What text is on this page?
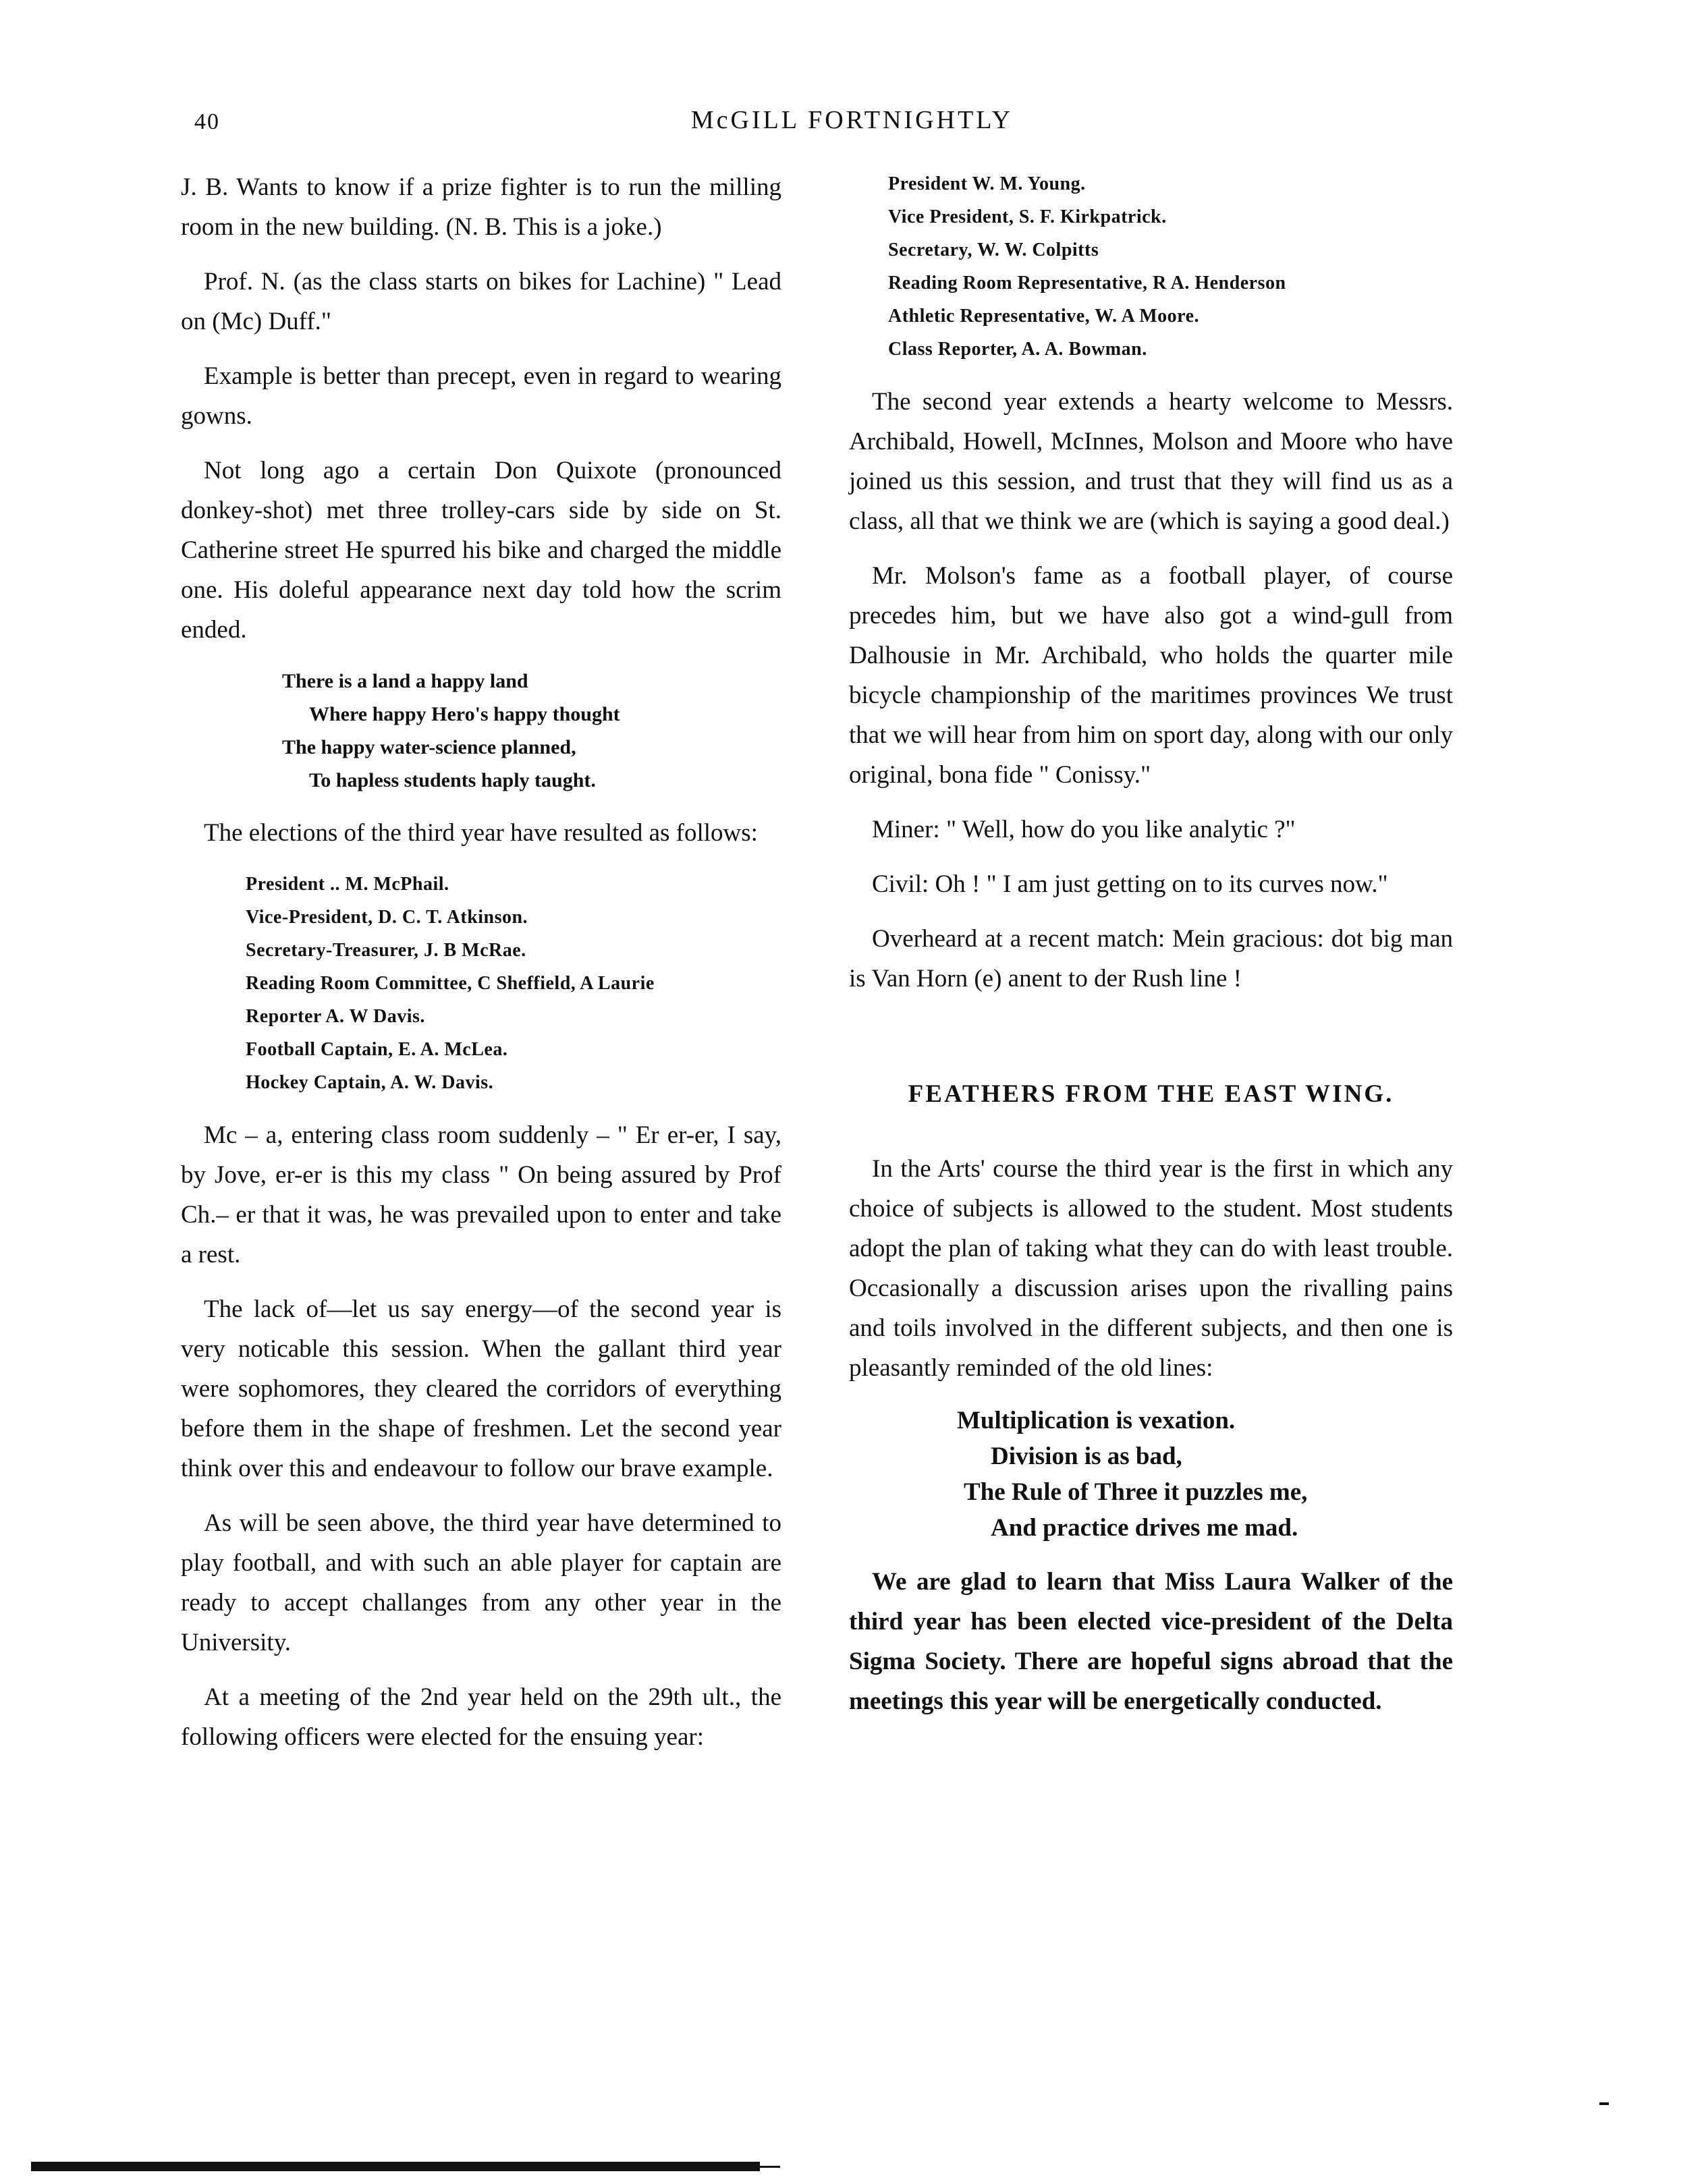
40	McGILL FORTNIGHTLY

J. B. Wants to know if a prize fighter is to run the milling room in the new building. (N. B. This is a joke.)

Prof. N. (as the class starts on bikes for Lachine) " Lead on (Mc) Duff."

Example is better than precept, even in regard to wearing gowns.

Not long ago a certain Don Quixote (pronounced donkey-shot) met three trolley-cars side by side on St. Catherine street He spurred his bike and charged the middle one. His doleful appearance next day told how the scrim ended.

There is a land a happy land
Where happy Hero's happy thought
The happy water-science planned,
To hapless students haply taught.

The elections of the third year have resulted as follows:

President .. M. McPhail.
Vice-President, D. C. T. Atkinson.
Secretary-Treasurer, J. B McRae.
Reading Room Committee, C Sheffield, A Laurie
Reporter A. W Davis.
Football Captain, E. A. McLea.
Hockey Captain, A. W. Davis.

Mc – a, entering class room suddenly – " Er er-er, I say, by Jove, er-er is this my class " On being assured by Prof Ch.– er that it was, he was prevailed upon to enter and take a rest.

The lack of—let us say energy—of the second year is very noticable this session. When the gallant third year were sophomores, they cleared the corridors of everything before them in the shape of freshmen. Let the second year think over this and endeavour to follow our brave example.

As will be seen above, the third year have determined to play football, and with such an able player for captain are ready to accept challanges from any other year in the University.

At a meeting of the 2nd year held on the 29th ult., the following officers were elected for the ensuing year:

President W. M. Young.
Vice President, S. F. Kirkpatrick.
Secretary, W. W. Colpitts
Reading Room Representative, R A. Henderson
Athletic Representative, W. A Moore.
Class Reporter, A. A. Bowman.

The second year extends a hearty welcome to Messrs. Archibald, Howell, McInnes, Molson and Moore who have joined us this session, and trust that they will find us as a class, all that we think we are (which is saying a good deal.)

Mr. Molson's fame as a football player, of course precedes him, but we have also got a wind-gull from Dalhousie in Mr. Archibald, who holds the quarter mile bicycle championship of the maritimes provinces We trust that we will hear from him on sport day, along with our only original, bona fide " Conissy."

Miner: " Well, how do you like analytic ?"

Civil: Oh ! " I am just getting on to its curves now."

Overheard at a recent match: Mein gracious: dot big man is Van Horn (e) anent to der Rush line !

FEATHERS FROM THE EAST WING.

In the Arts' course the third year is the first in which any choice of subjects is allowed to the student. Most students adopt the plan of taking what they can do with least trouble. Occasionally a discussion arises upon the rivalling pains and toils involved in the different subjects, and then one is pleasantly reminded of the old lines:

Multiplication is vexation.
Division is as bad,
The Rule of Three it puzzles me,
And practice drives me mad.

We are glad to learn that Miss Laura Walker of the third year has been elected vice-president of the Delta Sigma Society. There are hopeful signs abroad that the meetings this year will be energetically conducted.
